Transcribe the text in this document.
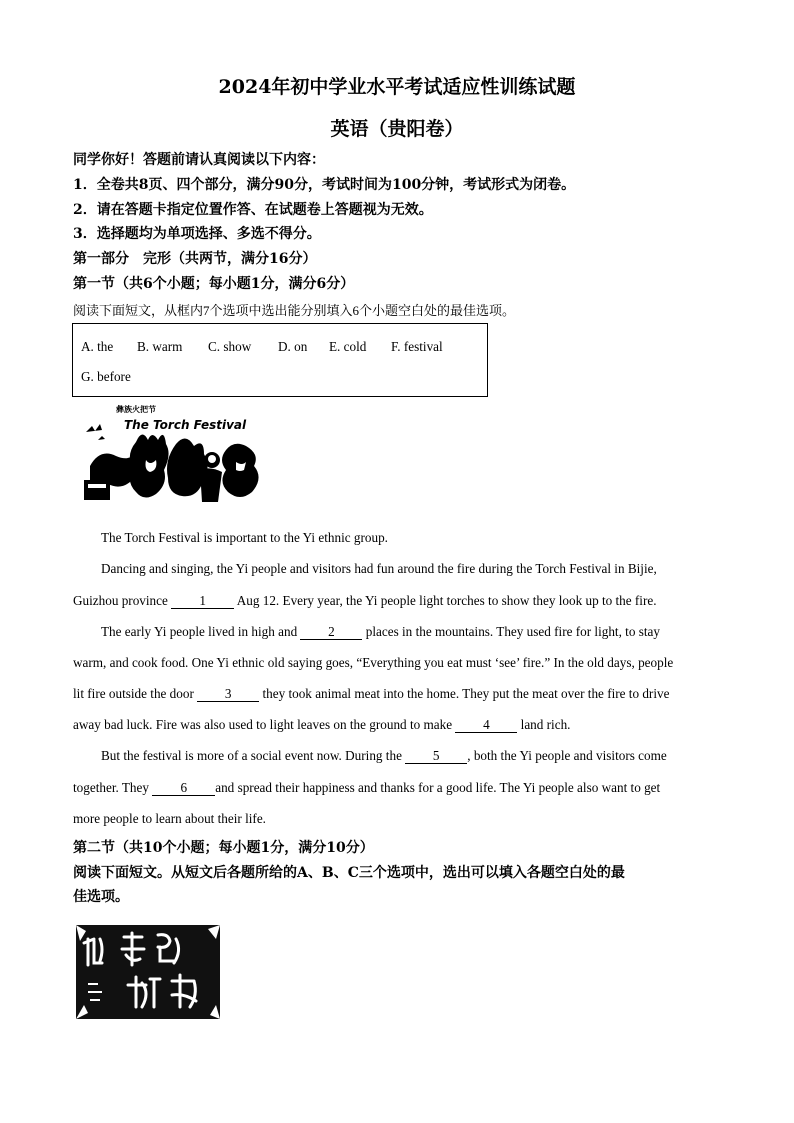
2024年初中学业水平考试适应性训练试题
英语（贵阳卷）
同学你好！答题前请认真阅读以下内容：
1．全卷共8页、四个部分，满分90分，考试时间为100分钟，考试形式为闭卷。
2．请在答题卡指定位置作答、在试题卷上答题视为无效。
3．选择题均为单项选择、多选不得分。
第一部分　完形（共两节，满分16分）
第一节（共6个小题；每小题1分，满分6分）
阅读下面短文，从框内7个选项中选出能分别填入6个小题空白处的最佳选项。
A. the B. warm C. show D. on E. cold F. festival
G. before
彝族火把节
The Torch Festival
The Torch Festival is important to the Yi ethnic group.
Dancing and singing, the Yi people and visitors had fun around the fire during the Torch Festival in Bijie,
Guizhou province 1 Aug 12. Every year, the Yi people light torches to show they look up to the fire.
The early Yi people lived in high and 2 places in the mountains. They used fire for light, to stay
warm, and cook food. One Yi ethnic old saying goes, “Everything you eat must ‘see’ fire.” In the old days, people
lit fire outside the door 3 they took animal meat into the home. They put the meat over the fire to drive
away bad luck. Fire was also used to light leaves on the ground to make 4 land rich.
But the festival is more of a social event now. During the 5 , both the Yi people and visitors come
together. They 6 and spread their happiness and thanks for a good life. The Yi people also want to get
more people to learn about their life.
第二节（共10个小题；每小题1分，满分10分）
阅读下面短文。从短文后各题所给的A、B、C三个选项中，选出可以填入各题空白处的最
佳选项。
